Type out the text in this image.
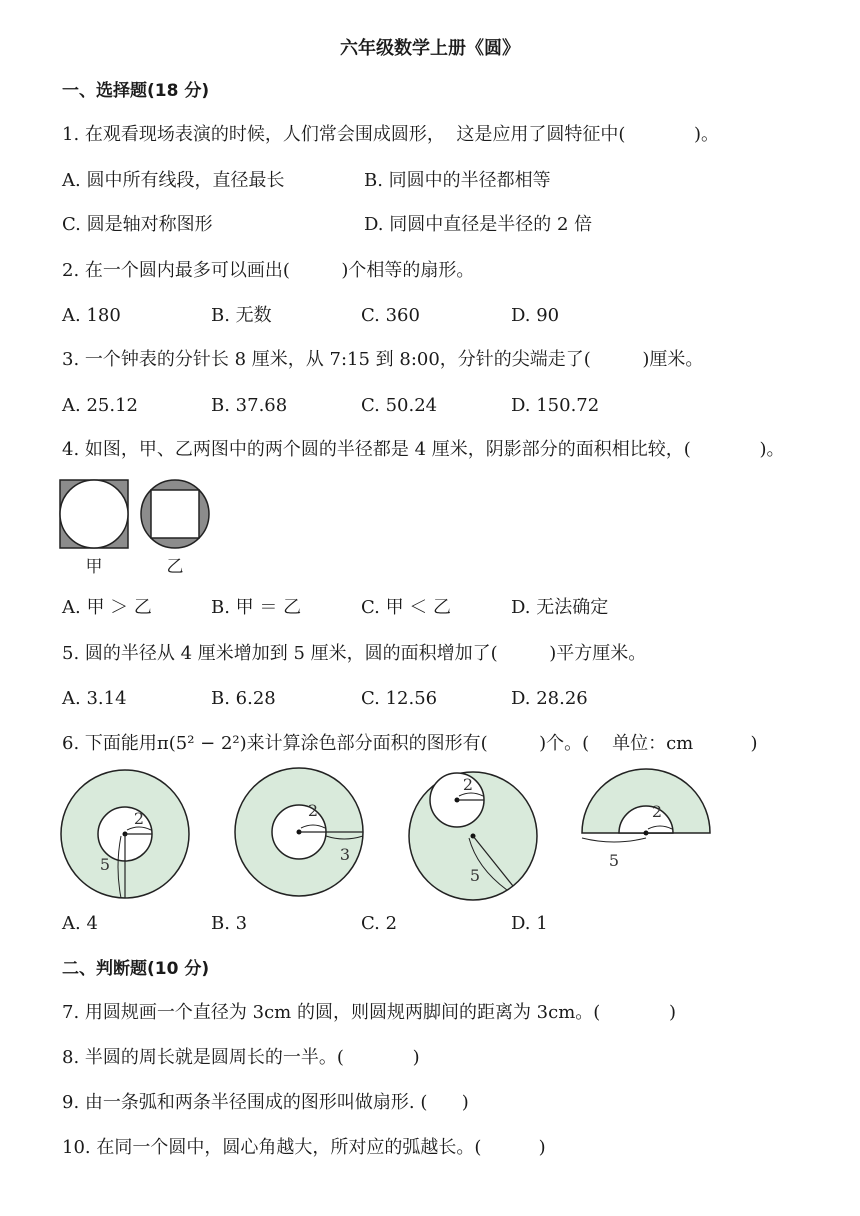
六年级数学上册《圆》
一、选择题(18 分)
1. 在观看现场表演的时候，人们常会围成圆形，  这是应用了圆特征中(            )。
A. 圆中所有线段，直径最长	B. 同圆中的半径都相等
C. 圆是轴对称图形	D. 同圆中直径是半径的 2 倍
2. 在一个圆内最多可以画出(         )个相等的扇形。
A. 180	B. 无数	C. 360	D. 90
3. 一个钟表的分针长 8 厘米，从 7:15 到 8:00，分针的尖端走了(         )厘米。
A. 25.12	B. 37.68	C. 50.24	D. 150.72
4. 如图，甲、乙两图中的两个圆的半径都是 4 厘米，阴影部分的面积相比较，(            )。
甲	乙
A. 甲 ＞ 乙	B. 甲 ＝ 乙	C. 甲 ＜ 乙	D. 无法确定
5. 圆的半径从 4 厘米增加到 5 厘米，圆的面积增加了(         )平方厘米。
A. 3.14	B. 6.28	C. 12.56	D. 28.26
6. 下面能用π(5² − 2²)来计算涂色部分面积的图形有(         )个。(    单位：cm          )
2
5
2
3
2
5
2
5
A. 4	B. 3	C. 2	D. 1
二、判断题(10 分)
7. 用圆规画一个直径为 3cm 的圆，则圆规两脚间的距离为 3cm。(            )
8. 半圆的周长就是圆周长的一半。(            )
9. 由一条弧和两条半径围成的图形叫做扇形. (      )
10. 在同一个圆中，圆心角越大，所对应的弧越长。(          )
